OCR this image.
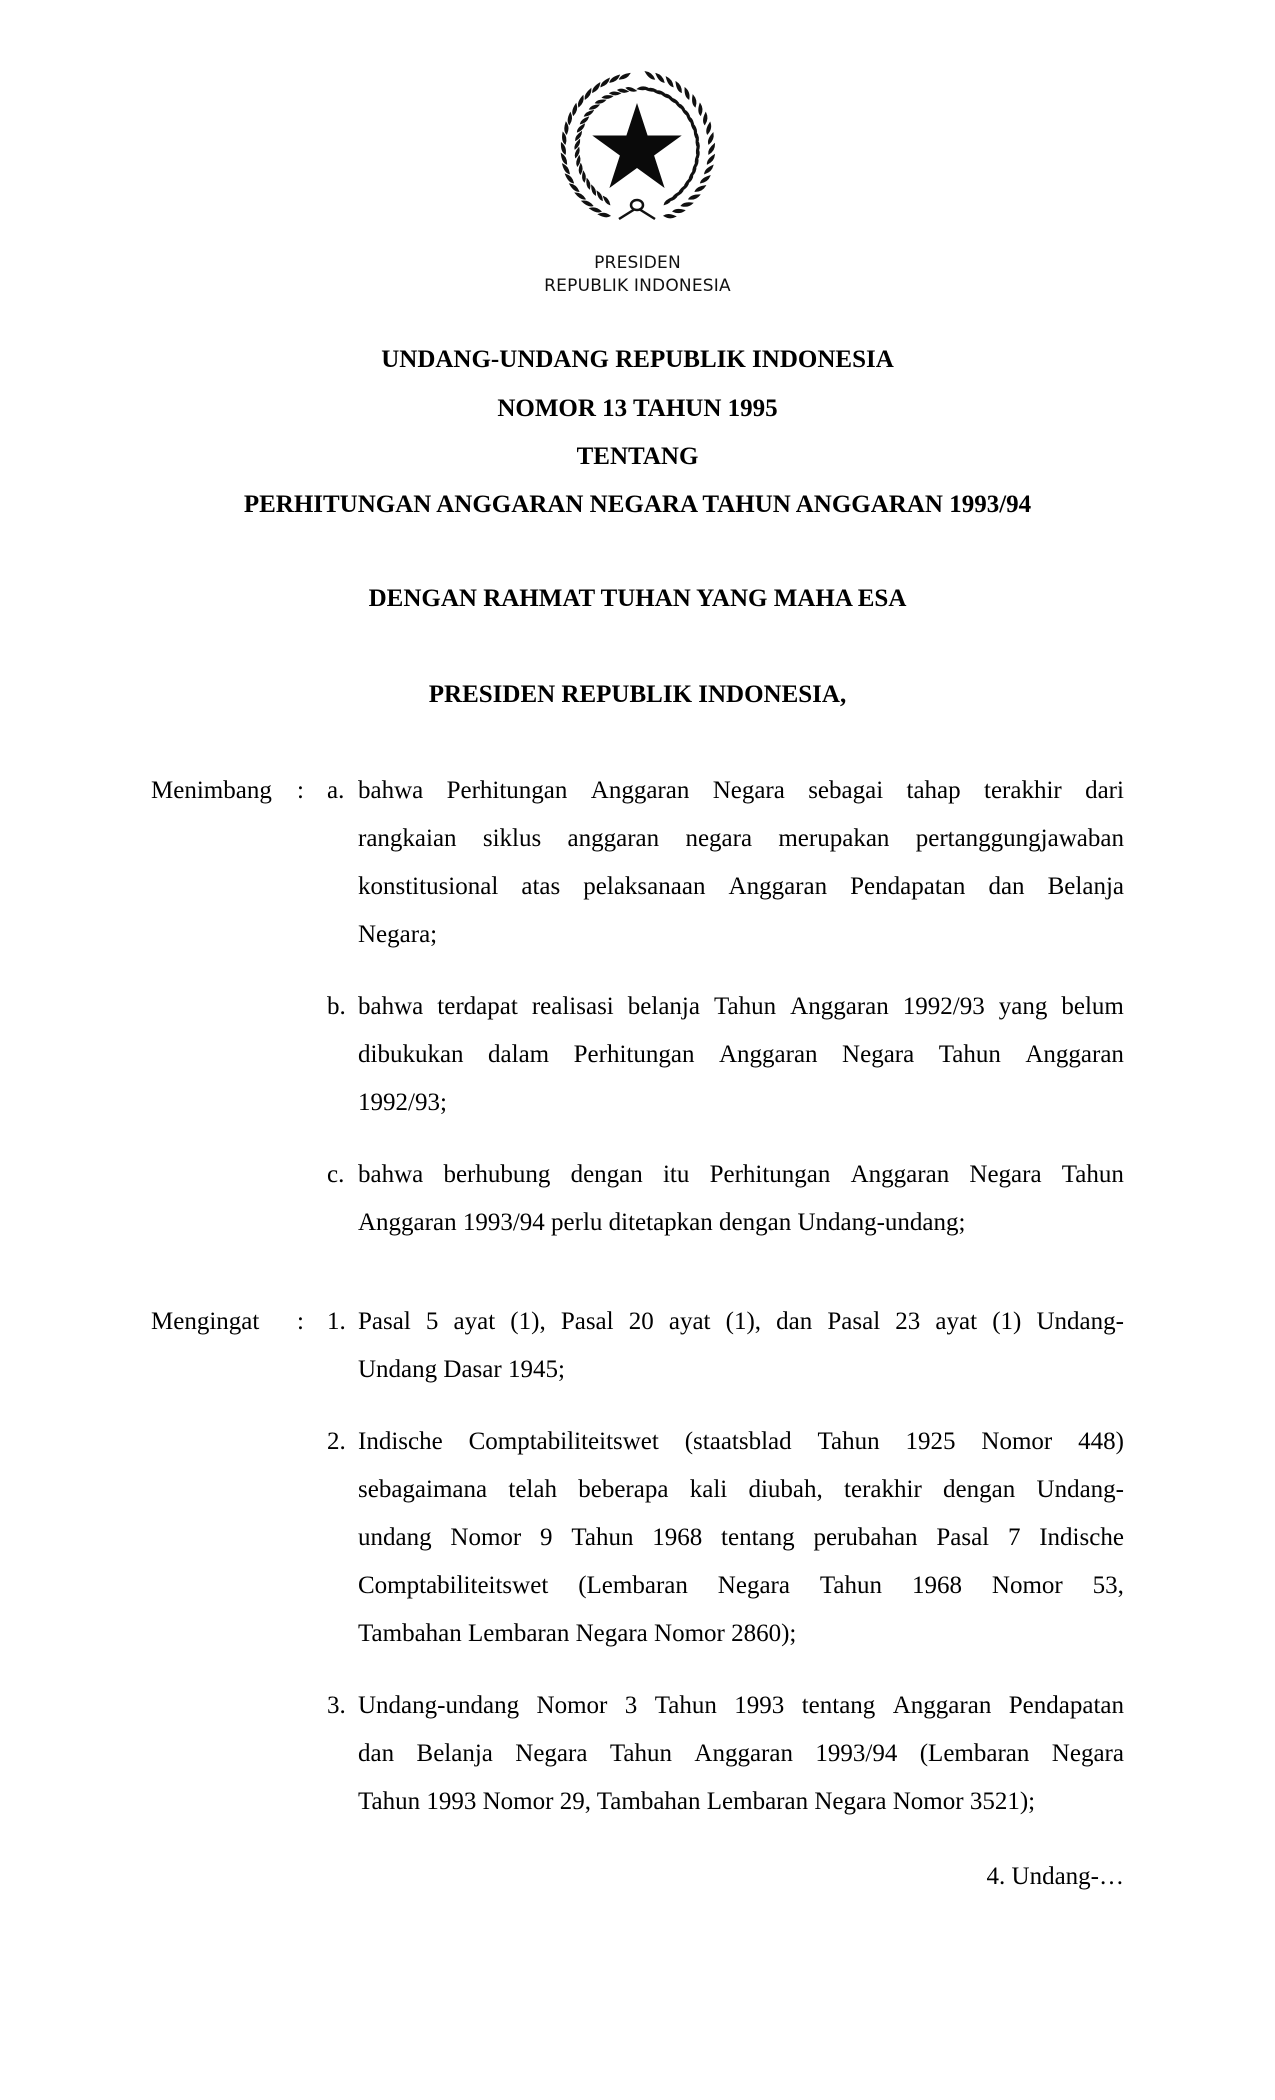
PRESIDEN
REPUBLIK INDONESIA
UNDANG-UNDANG REPUBLIK INDONESIA
NOMOR 13 TAHUN 1995
TENTANG
PERHITUNGAN ANGGARAN NEGARA TAHUN ANGGARAN 1993/94
DENGAN RAHMAT TUHAN YANG MAHA ESA
PRESIDEN REPUBLIK INDONESIA,
Menimbang : a. bahwa Perhitungan Anggaran Negara sebagai tahap terakhir dari
rangkaian siklus anggaran negara merupakan pertanggungjawaban
konstitusional atas pelaksanaan Anggaran Pendapatan dan Belanja
Negara;
b. bahwa terdapat realisasi belanja Tahun Anggaran 1992/93 yang belum
dibukukan dalam Perhitungan Anggaran Negara Tahun Anggaran
1992/93;
c. bahwa berhubung dengan itu Perhitungan Anggaran Negara Tahun
Anggaran 1993/94 perlu ditetapkan dengan Undang-undang;
Mengingat : 1. Pasal 5 ayat (1), Pasal 20 ayat (1), dan Pasal 23 ayat (1) Undang-
Undang Dasar 1945;
2. Indische Comptabiliteitswet (staatsblad Tahun 1925 Nomor 448)
sebagaimana telah beberapa kali diubah, terakhir dengan Undang-
undang Nomor 9 Tahun 1968 tentang perubahan Pasal 7 Indische
Comptabiliteitswet (Lembaran Negara Tahun 1968 Nomor 53,
Tambahan Lembaran Negara Nomor 2860);
3. Undang-undang Nomor 3 Tahun 1993 tentang Anggaran Pendapatan
dan Belanja Negara Tahun Anggaran 1993/94 (Lembaran Negara
Tahun 1993 Nomor 29, Tambahan Lembaran Negara Nomor 3521);
4. Undang-…
